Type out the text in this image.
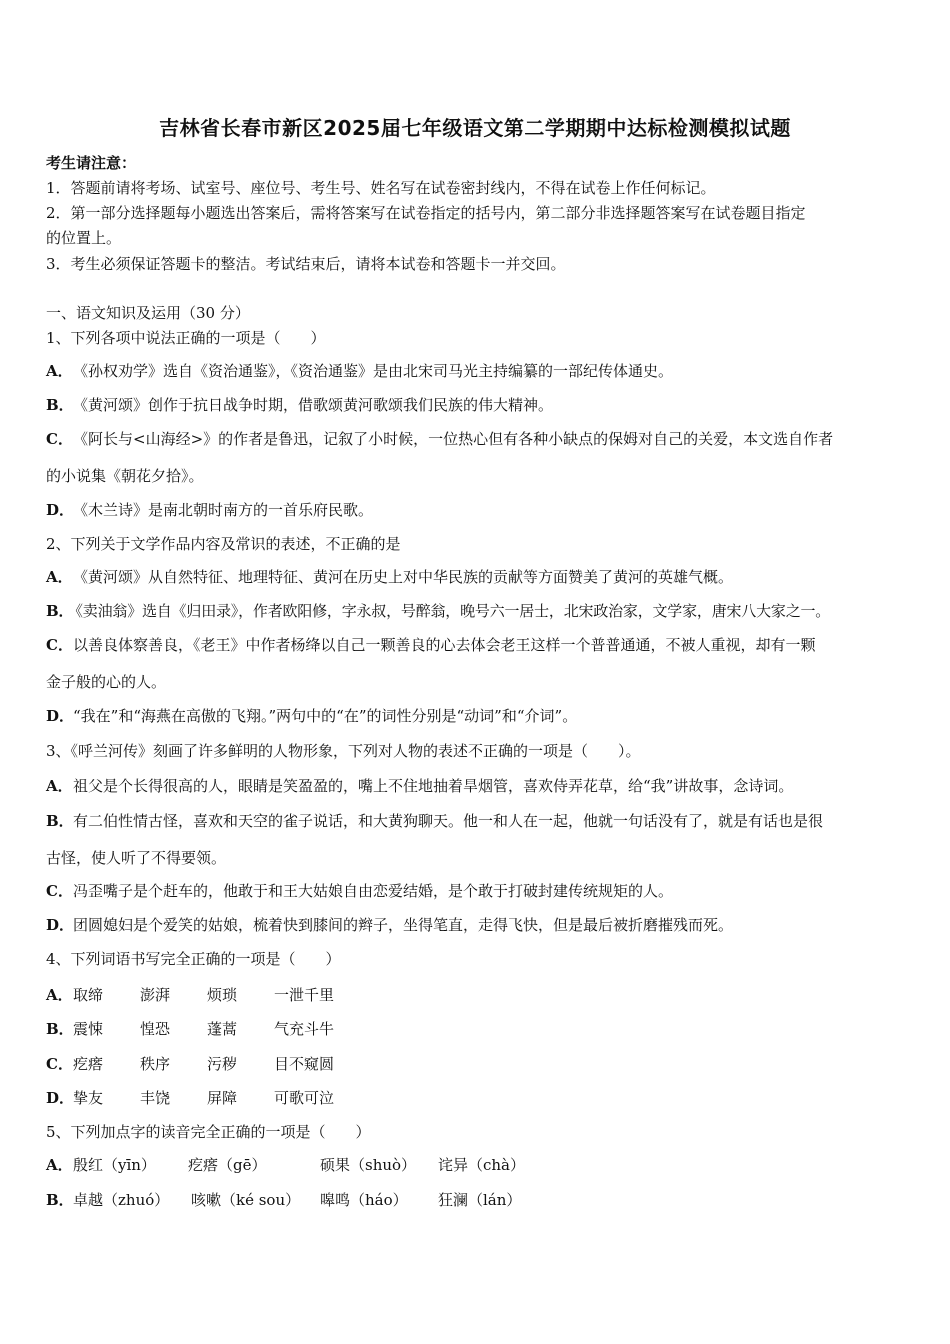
吉林省长春市新区2025届七年级语文第二学期期中达标检测模拟试题
考生请注意：
1．答题前请将考场、试室号、座位号、考生号、姓名写在试卷密封线内，不得在试卷上作任何标记。
2．第一部分选择题每小题选出答案后，需将答案写在试卷指定的括号内，第二部分非选择题答案写在试卷题目指定
的位置上。
3．考生必须保证答题卡的整洁。考试结束后，请将本试卷和答题卡一并交回。
一、语文知识及运用（30 分）
1、下列各项中说法正确的一项是（　　）
A．《孙权劝学》选自《资治通鉴》，《资治通鉴》是由北宋司马光主持编纂的一部纪传体通史。
B．《黄河颂》创作于抗日战争时期，借歌颂黄河歌颂我们民族的伟大精神。
C．《阿长与<山海经>》的作者是鲁迅，记叙了小时候，一位热心但有各种小缺点的保姆对自己的关爱，本文选自作者
的小说集《朝花夕拾》。
D．《木兰诗》是南北朝时南方的一首乐府民歌。
2、下列关于文学作品内容及常识的表述，不正确的是
A．《黄河颂》从自然特征、地理特征、黄河在历史上对中华民族的贡献等方面赞美了黄河的英雄气概。
B．《卖油翁》选自《归田录》，作者欧阳修，字永叔，号醉翁，晚号六一居士，北宋政治家，文学家，唐宋八大家之一。
C．以善良体察善良，《老王》中作者杨绛以自己一颗善良的心去体会老王这样一个普普通通，不被人重视，却有一颗
金子般的心的人。
D．“我在”和“海燕在高傲的飞翔。”两句中的“在”的词性分别是“动词”和“介词”。
3、《呼兰河传》刻画了许多鲜明的人物形象，下列对人物的表述不正确的一项是（　　）。
A．祖父是个长得很高的人，眼睛是笑盈盈的，嘴上不住地抽着旱烟管，喜欢侍弄花草，给“我”讲故事，念诗词。
B．有二伯性情古怪，喜欢和天空的雀子说话，和大黄狗聊天。他一和人在一起，他就一句话没有了，就是有话也是很
古怪，使人听了不得要领。
C．冯歪嘴子是个赶车的，他敢于和王大姑娘自由恋爱结婚，是个敢于打破封建传统规矩的人。
D．团圆媳妇是个爱笑的姑娘，梳着快到膝间的辫子，坐得笔直，走得飞快，但是最后被折磨摧残而死。
4、下列词语书写完全正确的一项是（　　）
A．取缔 澎湃 烦琐 一泄千里
B．震悚 惶恐 蓬蒿 气充斗牛
C．疙瘩 秩序 污秽 目不窥圆
D．挚友 丰饶 屏障 可歌可泣
5、下列加点字的读音完全正确的一项是（　　）
A．殷红（yīn） 疙瘩（gē）	硕果（shuò） 诧异（chà）
B．卓越（zhuó） 咳嗽（ké sou） 嗥鸣（háo） 狂澜（lán）
